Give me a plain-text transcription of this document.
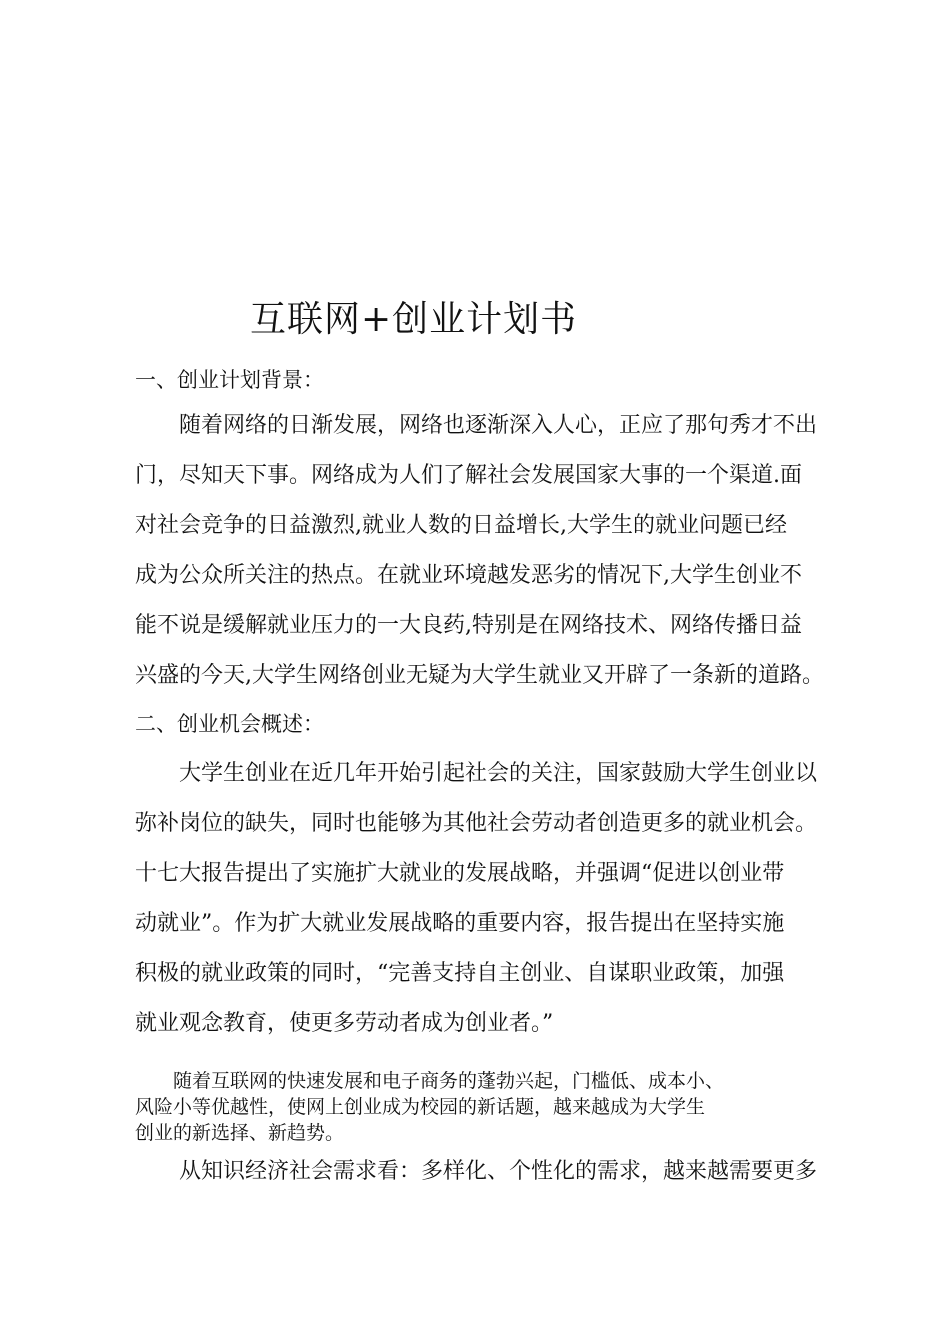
互联网+创业计划书
一、创业计划背景：
　　随着网络的日渐发展，网络也逐渐深入人心，正应了那句秀才不出
门，尽知天下事。网络成为人们了解社会发展国家大事的一个渠道.面
对社会竞争的日益激烈,就业人数的日益增长,大学生的就业问题已经
成为公众所关注的热点。在就业环境越发恶劣的情况下,大学生创业不
能不说是缓解就业压力的一大良药,特别是在网络技术、网络传播日益
兴盛的今天,大学生网络创业无疑为大学生就业又开辟了一条新的道路。
二、创业机会概述：
　　大学生创业在近几年开始引起社会的关注，国家鼓励大学生创业以
弥补岗位的缺失，同时也能够为其他社会劳动者创造更多的就业机会。
十七大报告提出了实施扩大就业的发展战略，并强调“促进以创业带
动就业”。作为扩大就业发展战略的重要内容，报告提出在坚持实施
积极的就业政策的同时，“完善支持自主创业、自谋职业政策，加强
就业观念教育，使更多劳动者成为创业者。”
　　随着互联网的快速发展和电子商务的蓬勃兴起，门槛低、成本小、
风险小等优越性，使网上创业成为校园的新话题，越来越成为大学生
创业的新选择、新趋势。
　　从知识经济社会需求看：多样化、个性化的需求，越来越需要更多
